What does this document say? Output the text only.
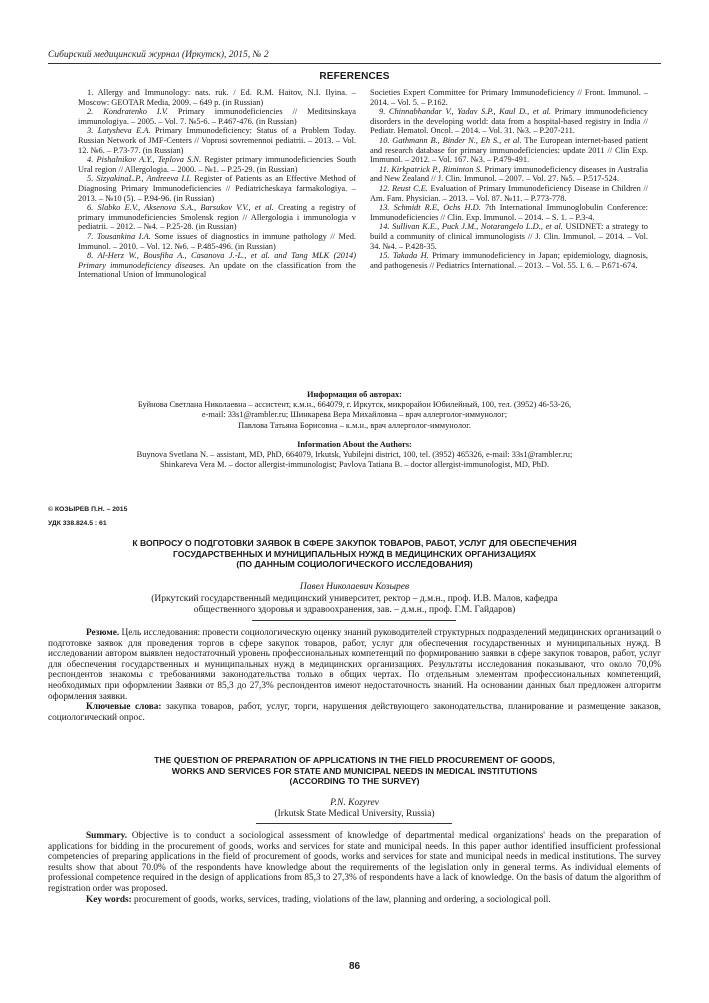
Сибирский медицинский журнал (Иркутск), 2015, № 2
REFERENCES
1. Allergy and Immunology: nats. ruk. / Ed. R.M. Haitov, N.I. Ilyina. – Moscow: GEOTAR Media, 2009. – 649 p. (in Russian)
2. Kondratenko I.V. Primary immunodeficiencies // Meditsinskaya immunologiya. – 2005. – Vol. 7. №5-6. – P.467-476. (in Russian)
3. Latysheva E.A. Primary Immunodeficiency: Status of a Problem Today. Russian Network of JMF-Centers // Voprosi sovremennoi pediatrii. – 2013. – Vol. 12. №6. – P.73-77. (in Russian)
4. Pishalnikov A.Y., Teplova S.N. Register primary immunodeficiencies South Ural region // Allergologia. – 2000. – №1. – P.25-29. (in Russian)
5. SizyakinaL.P., Andreeva I.I. Register of Patients as an Effective Method of Diagnosing Primary Immunodeficiencies // Pediatricheskaya farmakologiya. – 2013. – №10 (5). – P.94-96. (in Russian)
6. Slabko E.V., Aksenova S.A., Barsukov V.V., et al. Creating a registry of primary immunodeficiencies Smolensk region // Allergologia i immunologia v pediatrii. – 2012. – №4. – P.25-28. (in Russian)
7. Tousankina I.A. Some issues of diagnostics in immune pathology // Med. Immunol. – 2010. – Vol. 12. №6. – P.485-496. (in Russian)
8. Al-Herz W., Bousfiha A., Casanova J.-L., et al. and Tang MLK (2014) Primary immunodeficiency diseases. An update on the classification from the International Union of Immunological
Societies Expert Committee for Primary Immunodeficiency // Front. Immunol. – 2014. – Vol. 5. – P.162.
9. Chinnabhandar V., Yadav S.P., Kaul D., et al. Primary immunodeficiency disorders in the developing world: data from a hospital-based registry in India // Pediatr. Hematol. Oncol. – 2014. – Vol. 31. №3. – P.207-211.
10. Gathmann B., Binder N., Eh S., et al. The European internet-based patient and research database for primary immunodeficiencies: update 2011 // Clin Exp. Immunol. – 2012. – Vol. 167. №3. – P.479-491.
11. Kirkpatrick P., Riminton S. Primary immunodeficiency diseases in Australia and New Zealand // J. Clin. Immunol. – 2007. – Vol. 27. №5. – P.517-524.
12. Reust C.E. Evaluation of Primary Immunodeficiency Disease in Children // Am. Fam. Physician. – 2013. – Vol. 87. №11. – P.773-778.
13. Schmidt R.E, Ochs H.D. 7th International Immunoglobulin Conference: Immunodeficiencies // Clin. Exp. Immunol. – 2014. – S. 1. – P.3-4.
14. Sullivan K.E., Puck J.M., Notarangelo L.D., et al. USIDNET: a strategy to build a community of clinical immunologists // J. Clin. Immunol. – 2014. – Vol. 34. №4. – P.428-35.
15. Takada H. Primary immunodeficiency in Japan; epidemiology, diagnosis, and pathogenesis // Pediatrics International. – 2013. – Vol. 55. I. 6. – P.671-674.
Информация об авторах:
Буйнова Светлана Николаевна – ассистент, к.м.н., 664079, г. Иркутск, микрорайон Юбилейный, 100, тел. (3952) 46-53-26,
e-mail: 33s1@rambler.ru; Шинкарева Вера Михайловна – врач аллерголог-иммунолог;
Павлова Татьяна Борисовна – к.м.н., врач аллерголог-иммунолог.
Information About the Authors:
Buynova Svetlana N. – assistant, MD, PhD, 664079, Irkutsk, Yubilejni district, 100, tel. (3952) 465326, e-mail: 33s1@rambler.ru;
Shinkareva Vera M. – doctor allergist-immunologist; Pavlova Tatiana B. – doctor allergist-immunologist, MD, PhD.
© КОЗЫРЕВ П.Н. – 2015
УДК 338.824.5 : 61
К ВОПРОСУ О ПОДГОТОВКИ ЗАЯВОК В СФЕРЕ ЗАКУПОК ТОВАРОВ, РАБОТ, УСЛУГ ДЛЯ ОБЕСПЕЧЕНИЯ
ГОСУДАРСТВЕННЫХ И МУНИЦИПАЛЬНЫХ НУЖД В МЕДИЦИНСКИХ ОРГАНИЗАЦИЯХ
(ПО ДАННЫМ СОЦИОЛОГИЧЕСКОГО ИССЛЕДОВАНИЯ)
Павел Николаевич Козырев
(Иркутский государственный медицинский университет, ректор – д.м.н., проф. И.В. Малов, кафедра
общественного здоровья и здравоохранения, зав. – д.м.н., проф. Г.М. Гайдаров)

Резюме. Цель исследования: провести социологическую оценку знаний руководителей структурных подразделений медицинских организаций о подготовке заявок для проведения торгов в сфере закупок товаров, работ, услуг для обеспечения государственных и муниципальных нужд. В исследовании автором выявлен недостаточный уровень профессиональных компетенций по формированию заявки в сфере закупок товаров, работ, услуг для обеспечения государственных и муниципальных нужд в медицинских организациях. Результаты исследования показывают, что около 70,0% респондентов знакомы с требованиями законодательства только в общих чертах. По отдельным элементам профессиональных компетенций, необходимых при оформлении Заявки от 85,3 до 27,3% респондентов имеют недостаточность знаний. На основании данных был предложен алгоритм оформления заявки.

Ключевые слова: закупка товаров, работ, услуг, торги, нарушения действующего законодательства, планирование и размещение заказов, социологический опрос.

THE QUESTION OF PREPARATION OF APPLICATIONS IN THE FIELD PROCUREMENT OF GOODS,
WORKS AND SERVICES FOR STATE AND MUNICIPAL NEEDS IN MEDICAL INSTITUTIONS
(ACCORDING TO THE SURVEY)
P.N. Kozyrev
(Irkutsk State Medical University, Russia)

Summary. Objective is to conduct a sociological assessment of knowledge of departmental medical organizations' heads on the preparation of applications for bidding in the procurement of goods, works and services for state and municipal needs. In this paper author identified insufficient professional competencies of preparing applications in the field of procurement of goods, works and services for state and municipal needs in medical institutions. The survey results show that about 70.0% of the respondents have knowledge about the requirements of the legislation only in general terms. As individual elements of professional competence required in the design of applications from 85,3 to 27,3% of respondents have a lack of knowledge. On the basis of datum the algorithm of registration order was proposed.

Key words: procurement of goods, works, services, trading, violations of the law, planning and ordering, a sociological poll.

86
